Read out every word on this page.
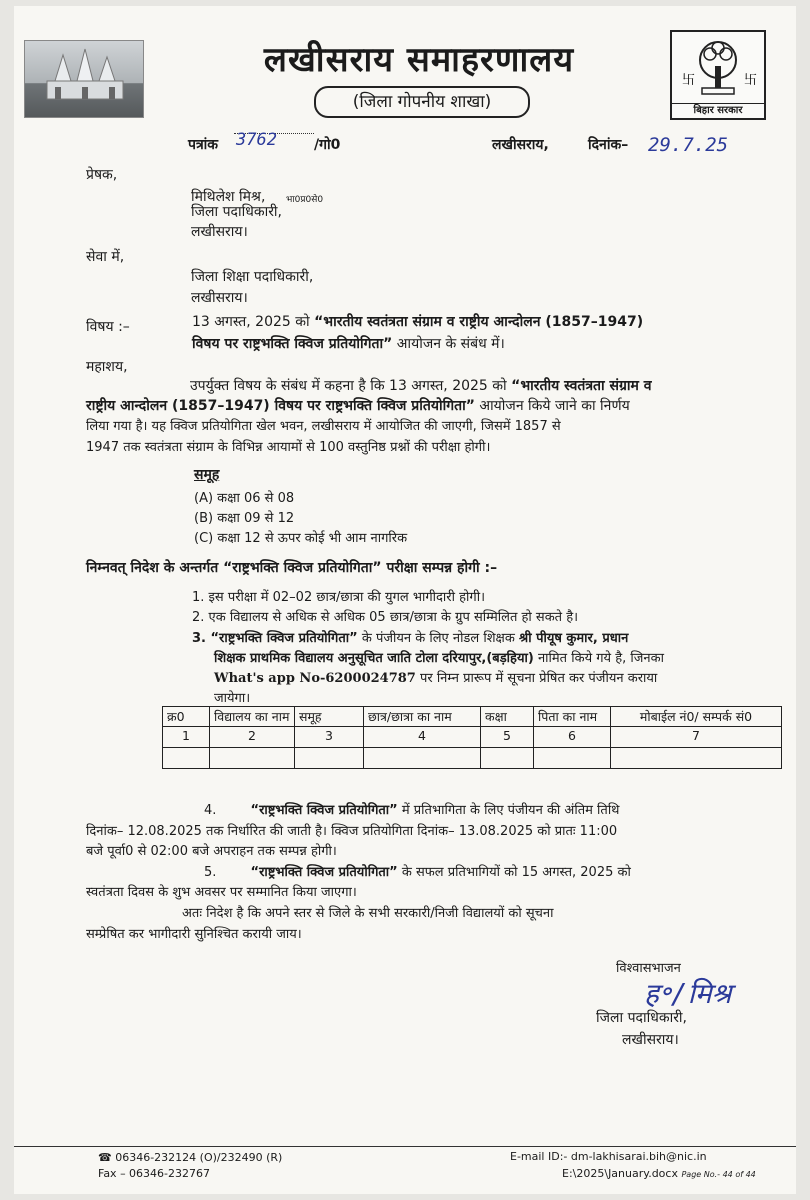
लखीसराय समाहरणालय
(जिला गोपनीय शाखा)
卐	卐
बिहार सरकार
पत्रांक 3762	/गो0	लखीसराय,	दिनांक– 29.7.25
प्रेषक,
मिथिलेश मिश्र, भा0प्र0से0
जिला पदाधिकारी,
लखीसराय।
सेवा में,
जिला शिक्षा पदाधिकारी,
लखीसराय।
विषय :–	13 अगस्त, 2025 को “भारतीय स्वतंत्रता संग्राम व राष्ट्रीय आन्दोलन (1857–1947)
विषय पर राष्ट्रभक्ति क्विज प्रतियोगिता” आयोजन के संबंध में।
महाशय,
उपर्युक्त विषय के संबंध में कहना है कि 13 अगस्त, 2025 को “भारतीय स्वतंत्रता संग्राम व
राष्ट्रीय आन्दोलन (1857–1947) विषय पर राष्ट्रभक्ति क्विज प्रतियोगिता” आयोजन किये जाने का निर्णय
लिया गया है। यह क्विज प्रतियोगिता खेल भवन, लखीसराय में आयोजित की जाएगी, जिसमें 1857 से
1947 तक स्वतंत्रता संग्राम के विभिन्न आयामों से 100 वस्तुनिष्ठ प्रश्नों की परीक्षा होगी।
समूह
(A) कक्षा 06 से 08
(B) कक्षा 09 से 12
(C) कक्षा 12 से ऊपर कोई भी आम नागरिक
निम्नवत् निदेश के अन्तर्गत “राष्ट्रभक्ति क्विज प्रतियोगिता” परीक्षा सम्पन्न होगी :–
1. इस परीक्षा में 02–02 छात्र/छात्रा की युगल भागीदारी होगी।
2. एक विद्यालय से अधिक से अधिक 05 छात्र/छात्रा के ग्रुप सम्मिलित हो सकते है।
3. “राष्ट्रभक्ति क्विज प्रतियोगिता” के पंजीयन के लिए नोडल शिक्षक श्री पीयूष कुमार, प्रधान
शिक्षक प्राथमिक विद्यालय अनुसूचित जाति टोला दरियापुर,(बड़हिया) नामित किये गये है, जिनका
What's app No-6200024787 पर निम्न प्रारूप में सूचना प्रेषित कर पंजीयन कराया
जायेगा।
क्र0	विद्यालय का नाम	समूह	छात्र/छात्रा का नाम	कक्षा	पिता का नाम	मोबाईल नं0/ सम्पर्क सं0
1	2	3	4	5	6	7

4.	“राष्ट्रभक्ति क्विज प्रतियोगिता” में प्रतिभागिता के लिए पंजीयन की अंतिम तिथि
दिनांक– 12.08.2025 तक निर्धारित की जाती है। क्विज प्रतियोगिता दिनांक– 13.08.2025 को प्रातः 11:00
बजे पूर्वा0 से 02:00 बजे अपराहन तक सम्पन्न होगी।
5.	“राष्ट्रभक्ति क्विज प्रतियोगिता” के सफल प्रतिभागियों को 15 अगस्त, 2025 को
स्वतंत्रता दिवस के शुभ अवसर पर सम्मानित किया जाएगा।
अतः निदेश है कि अपने स्तर से जिले के सभी सरकारी/निजी विद्यालयों को सूचना
सम्प्रेषित कर भागीदारी सुनिश्चित करायी जाय।
विश्वासभाजन
ह॰/मिश्र
जिला पदाधिकारी,
लखीसराय।
☎ 06346-232124 (O)/232490 (R)
Fax – 06346-232767
E-mail ID:- dm-lakhisarai.bih@nic.in
E:\2025\January.docx Page No.- 44 of 44
